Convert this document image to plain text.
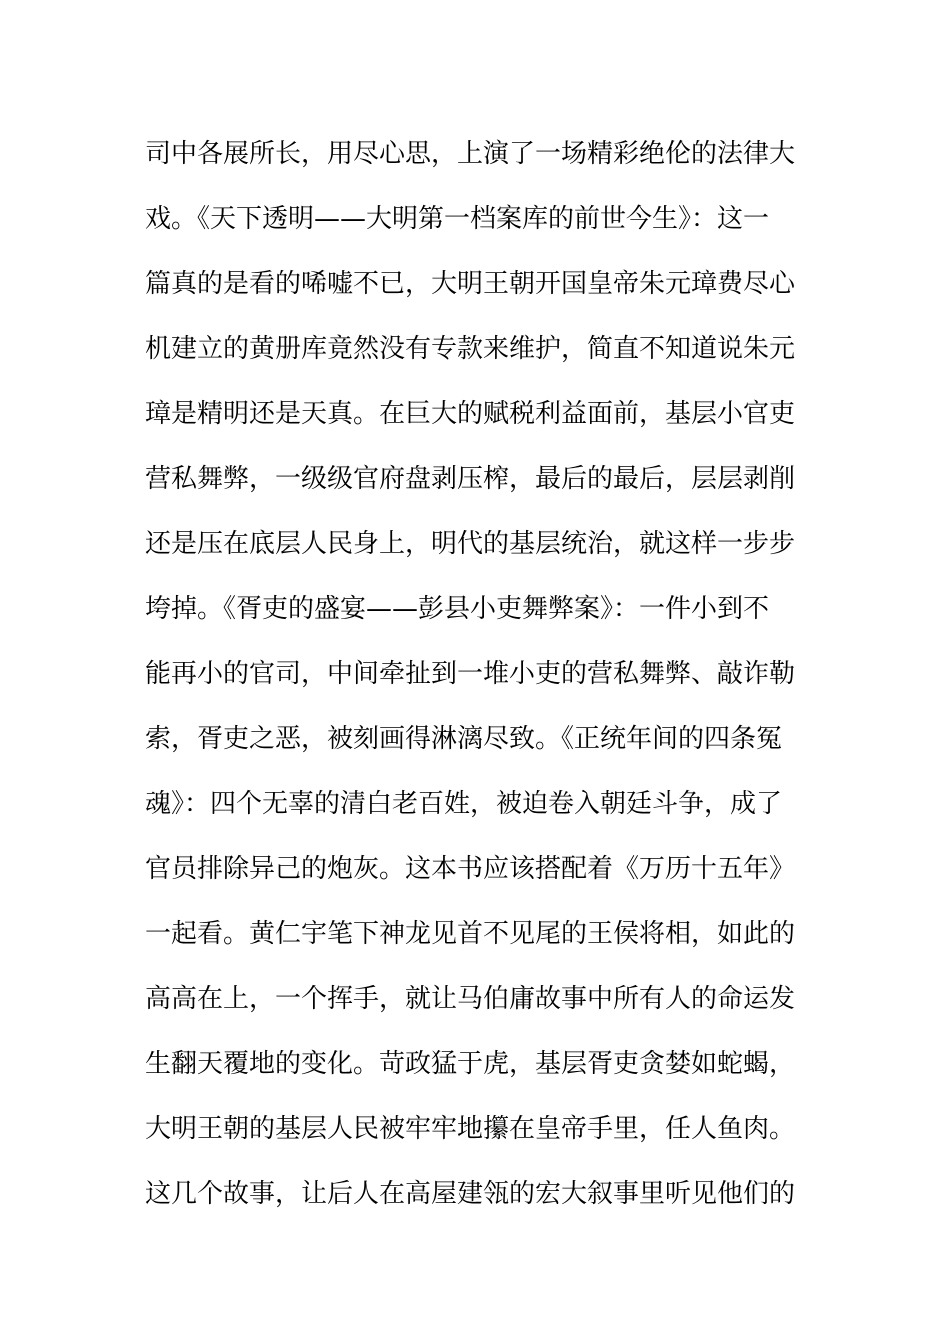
司中各展所长，用尽心思，上演了一场精彩绝伦的法律大
戏。《天下透明——大明第一档案库的前世今生》：这一
篇真的是看的唏嘘不已，大明王朝开国皇帝朱元璋费尽心
机建立的黄册库竟然没有专款来维护，简直不知道说朱元
璋是精明还是天真。在巨大的赋税利益面前，基层小官吏
营私舞弊，一级级官府盘剥压榨，最后的最后，层层剥削
还是压在底层人民身上，明代的基层统治，就这样一步步
垮掉。《胥吏的盛宴——彭县小吏舞弊案》：一件小到不
能再小的官司，中间牵扯到一堆小吏的营私舞弊、敲诈勒
索，胥吏之恶，被刻画得淋漓尽致。《正统年间的四条冤
魂》：四个无辜的清白老百姓，被迫卷入朝廷斗争，成了
官员排除异己的炮灰。这本书应该搭配着《万历十五年》
一起看。黄仁宇笔下神龙见首不见尾的王侯将相，如此的
高高在上，一个挥手，就让马伯庸故事中所有人的命运发
生翻天覆地的变化。苛政猛于虎，基层胥吏贪婪如蛇蝎，
大明王朝的基层人民被牢牢地攥在皇帝手里，任人鱼肉。
这几个故事，让后人在高屋建瓴的宏大叙事里听见他们的
